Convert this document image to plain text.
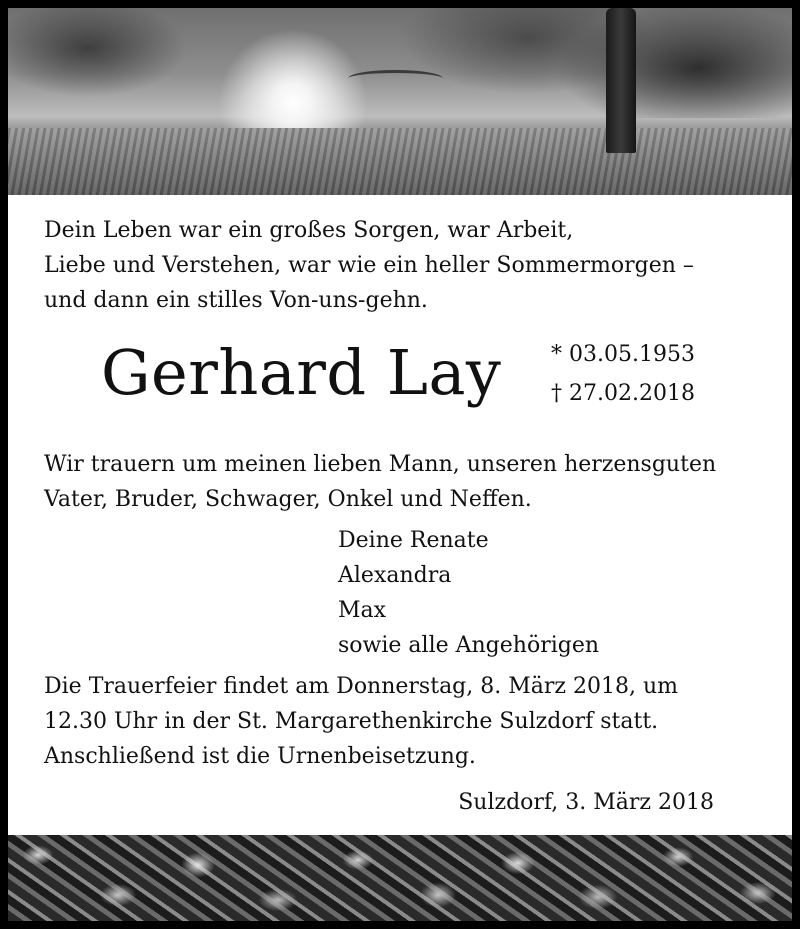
Dein Leben war ein großes Sorgen, war Arbeit,
Liebe und Verstehen, war wie ein heller Sommermorgen –
und dann ein stilles Von-uns-gehn.
Gerhard Lay * 03.05.1953
† 27.02.2018
Wir trauern um meinen lieben Mann, unseren herzensguten
Vater, Bruder, Schwager, Onkel und Neffen.
Deine Renate
Alexandra
Max
sowie alle Angehörigen
Die Trauerfeier findet am Donnerstag, 8. März 2018, um
12.30 Uhr in der St. Margarethenkirche Sulzdorf statt.
Anschließend ist die Urnenbeisetzung.
Sulzdorf, 3. März 2018
